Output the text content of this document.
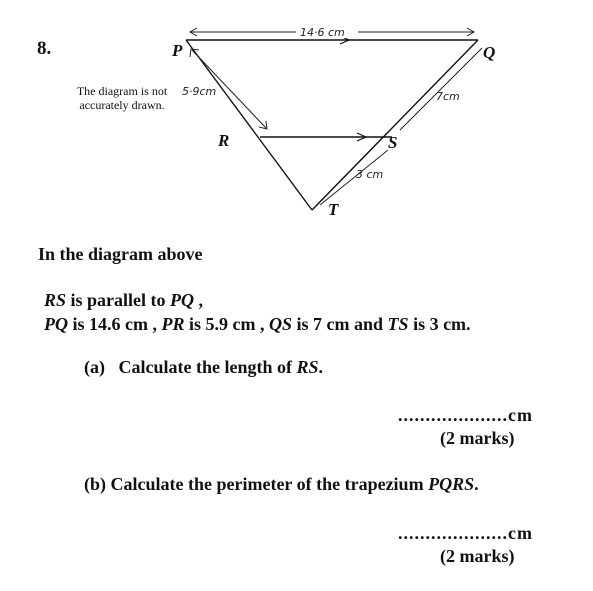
8.
The diagram is not accurately drawn.
14·6 cm
5·9cm	7cm
3 cm
P	Q
R	S
T
In the diagram above
RS is parallel to PQ ,
PQ is 14.6 cm , PR is 5.9 cm , QS is 7 cm and TS is 3 cm.
(a) Calculate the length of RS.
....................cm
(2 marks)
(b) Calculate the perimeter of the trapezium PQRS.
....................cm
(2 marks)
